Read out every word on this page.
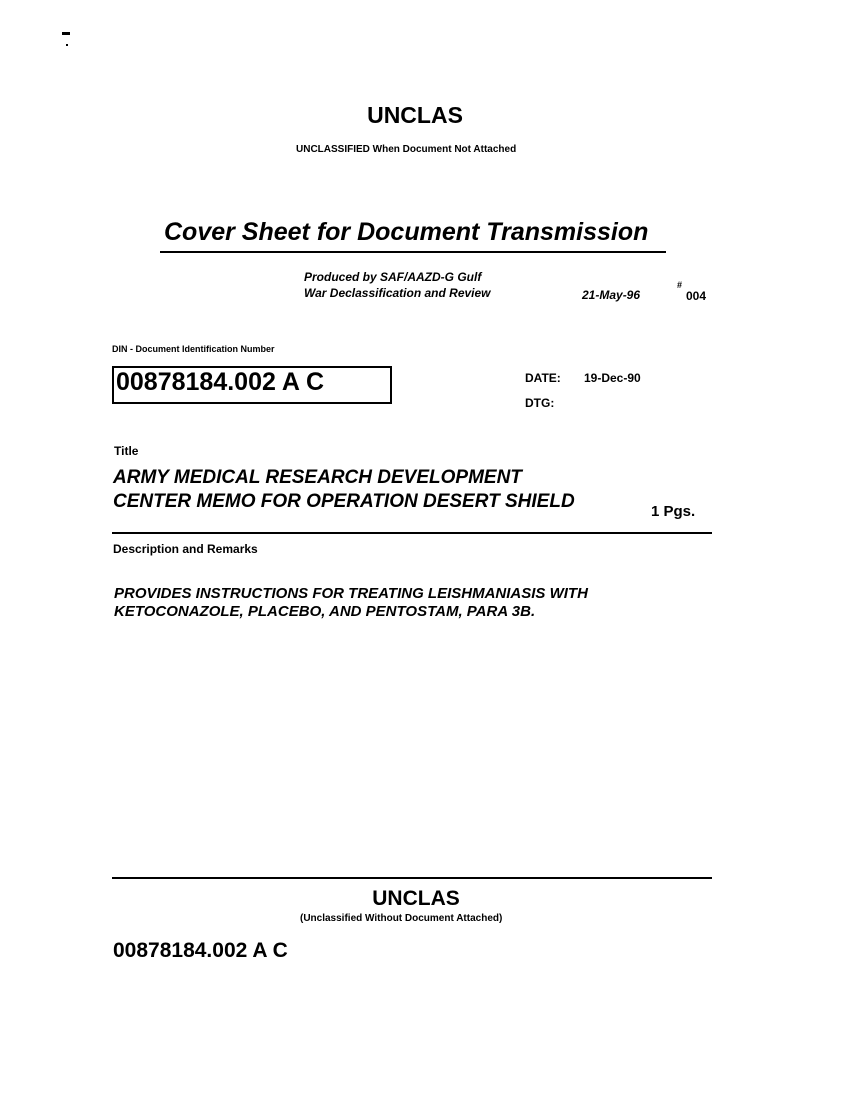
UNCLAS
UNCLASSIFIED When Document Not Attached
Cover Sheet for Document Transmission
Produced by SAF/AAZD-G Gulf
War Declassification and Review	21-May-96
#
004
DIN - Document Identification Number
00878184.002 A C	DATE: 19-Dec-90
DTG:
Title
ARMY MEDICAL RESEARCH DEVELOPMENT
CENTER MEMO FOR OPERATION DESERT SHIELD	1 Pgs.
Description and Remarks
PROVIDES INSTRUCTIONS FOR TREATING LEISHMANIASIS WITH
KETOCONAZOLE, PLACEBO, AND PENTOSTAM, PARA 3B.
UNCLAS
(Unclassified Without Document Attached)
00878184.002 A C
